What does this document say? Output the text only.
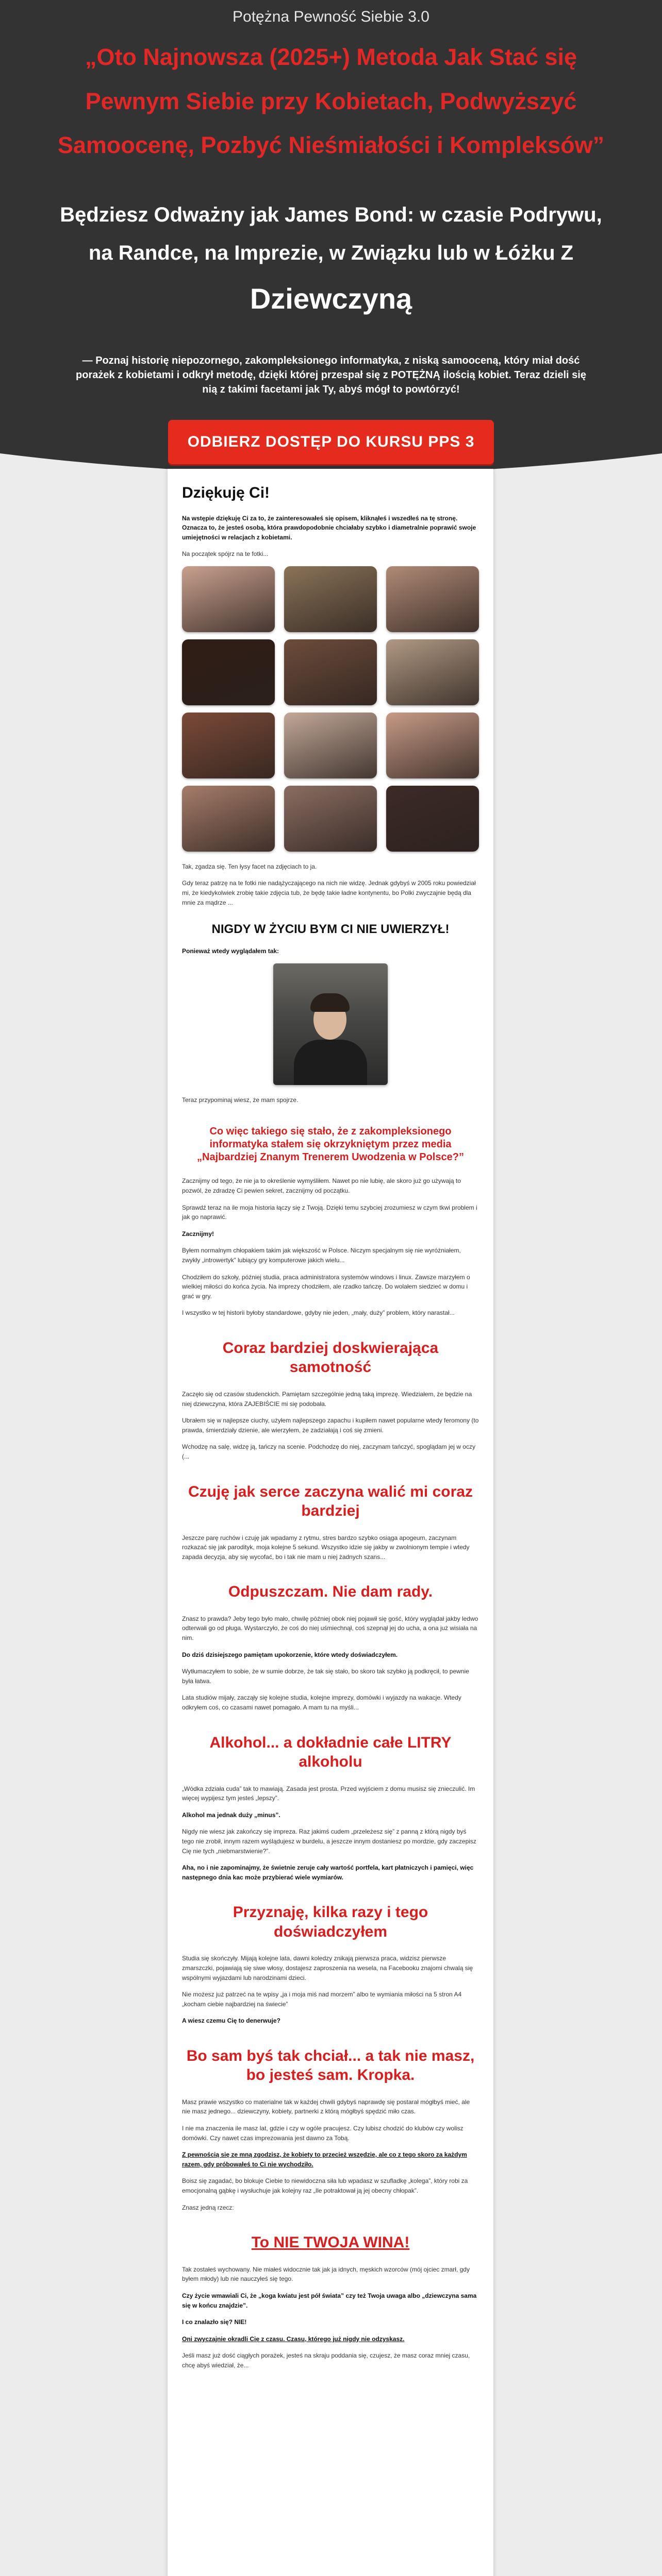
Potężna Pewność Siebie 3.0
„Oto Najnowsza (2025+) Metoda Jak Stać się Pewnym Siebie przy Kobietach, Podwyższyć Samoocenę, Pozbyć Nieśmiałości i Kompleksów”
Będziesz Odważny jak James Bond: w czasie Podrywu,
na Randce, na Imprezie, w Związku lub w Łóżku Z
Dziewczyną
— Poznaj historię niepozornego, zakompleksionego informatyka, z niską samooceną, który miał dość porażek z kobietami i odkrył metodę, dzięki której przespał się z POTĘŻNĄ ilością kobiet. Teraz dzieli się nią z takimi facetami jak Ty, abyś mógł to powtórzyć!
ODBIERZ DOSTĘP DO KURSU PPS 3
Dziękuję Ci!

Na wstępie dziękuję Ci za to, że zainteresowałeś się opisem, kliknąłeś i wszedłeś na tę stronę. Oznacza to, że jesteś osobą, która prawdopodobnie chciałaby szybko i diametralnie poprawić swoje umiejętności w relacjach z kobietami.

Na początek spójrz na te fotki...

Tak, zgadza się. Ten łysy facet na zdjęciach to ja.

Gdy teraz patrzę na te fotki nie nadążyczającego na nich nie widzę. Jednak gdybyś w 2005 roku powiedział mi, że kiedykolwiek zrobię takie zdjęcia tub, że będę takie ładne kontynentu, bo Polki zwyczajnie będą dla mnie za mądrze ...

NIGDY W ŻYCIU BYM CI NIE UWIERZYŁ!

Ponieważ wtedy wyglądałem tak:

Teraz przypominaj wiesz, że mam spojrze.

Co więc takiego się stało, że z zakompleksionego informatyka stałem się okrzykniętym przez media „Najbardziej Znanym Trenerem Uwodzenia w Polsce?”

Zacznijmy od tego, że nie ja to określenie wymyśliłem. Nawet po nie lubię, ale skoro już go używają to pozwól, że zdradzę Ci pewien sekret, zacznijmy od początku.

Sprawdź teraz na ile moja historia łączy się z Twoją. Dzięki temu szybciej zrozumiesz w czym tkwi problem i jak go naprawić.

Zacznijmy!

Byłem normalnym chłopakiem takim jak większość w Polsce. Niczym specjalnym się nie wyróżniałem, zwykły „introwertyk” lubiący gry komputerowe jakich wielu...

Chodziłem do szkoły, później studia, praca administratora systemów windows i linux. Zawsze marzyłem o wielkiej miłości do końca życia. Na imprezy chodziłem, ale rzadko tańczę. Do wolałem siedzieć w domu i grać w gry.

I wszystko w tej historii byłoby standardowe, gdyby nie jeden, „mały, duży” problem, który narastał...

Coraz bardziej doskwierająca samotność

Zaczęło się od czasów studenckich. Pamiętam szczególnie jedną taką imprezę. Wiedziałem, że będzie na niej dziewczyna, która ZAJEBIŚCIE mi się podobała.

Ubrałem się w najlepsze ciuchy, użyłem najlepszego zapachu i kupiłem nawet popularne wtedy feromony (to prawda, śmierdziały dzienie, ale wierzyłem, że zadziałają i coś się zmieni.

Wchodzę na salę, widzę ją, tańczy na scenie. Podchodzę do niej, zaczynam tańczyć, spoglądam jej w oczy (...

Czuję jak serce zaczyna walić mi coraz bardziej

Jeszcze parę ruchów i czuję jak wpadamy z rytmu, stres bardzo szybko osiąga apogeum, zaczynam rozkazać się jak parodityk, moja kolejne 5 sekund. Wszystko idzie się jakby w zwolnionym tempie i wtedy zapada decyzja, aby się wycofać, bo i tak nie mam u niej żadnych szans...

Odpuszczam. Nie dam rady.

Znasz to prawda? Jeby tego było mało, chwilę później obok niej pojawił się gość, który wyglądał jakby ledwo odterwałi go od pługa. Wystarczyło, że coś do niej uśmiechnął, coś szepnął jej do ucha, a ona już wisiała na nim.

Do dziś dzisiejszego pamiętam upokorzenie, które wtedy doświadczyłem.

Wytłumaczyłem to sobie, że w sumie dobrze, że tak się stało, bo skoro tak szybko ją podkręcił, to pewnie była łatwa.

Lata studiów mijały, zacząły się kolejne studia, kolejne imprezy, domówki i wyjazdy na wakacje. Wtedy odkryłem coś, co czasami nawet pomagało. A mam tu na myśli...

Alkohol... a dokładnie całe LITRY alkoholu

„Wódka zdziała cuda” tak to mawiają. Zasada jest prosta. Przed wyjściem z domu musisz się znieczulić. Im więcej wypijesz tym jesteś „lepszy”.

Alkohol ma jednak duży „minus”.

Nigdy nie wiesz jak zakończy się impreza. Raz jakimś cudem „przeleżesz się” z panną z którą nigdy byś tego nie zrobił, innym razem wyślądujesz w burdelu, a jeszcze innym dostaniesz po mordzie, gdy zaczepisz Cię nie tych „niebmarstwienie?”.

Aha, no i nie zapominajmy, że świetnie zeruje cały wartość portfela, kart płatniczych i pamięci, więc następnego dnia kac może przybierać wiele wymiarów.

Przyznaję, kilka razy i tego doświadczyłem

Studia się skończyły. Mijają kolejne lata, dawni koledzy znikają pierwsza praca, widzisz pierwsze zmarszczki, pojawiają się siwe włosy, dostajesz zaproszenia na wesela, na Facebooku znajomi chwalą się wspólnymi wyjazdami lub narodzinami dzieci.

Nie możesz już patrzeć na te wpisy „ja i moja miś nad morzem” albo te wymiania miłości na 5 stron A4 „kocham ciebie najbardziej na świecie”

A wiesz czemu Cię to denerwuje?

Bo sam byś tak chciał... a tak nie masz, bo jesteś sam. Kropka.

Masz prawie wszystko co materialne tak w każdej chwili gdybyś naprawdę się postarał mógłbyś mieć, ale nie masz jednego... dziewczyny, kobiety, partnerki z którą mógłbyś spędzić miło czas.

I nie ma znaczenia ile masz lat, gdzie i czy w ogóle pracujesz. Czy lubisz chodzić do klubów czy wolisz domówki. Czy nawet czas imprezowania jest dawno za Tobą.

Z pewnością się ze mną zgodzisz, że kobiety to przecież wszędzie, ale co z tego skoro za każdym razem, gdy próbowałeś to Ci nie wychodziło.

Boisz się zagadać, bo blokuje Ciebie to niewidoczna siła lub wpadasz w szufladkę „kolega”, który robi za emocjonalną gąbkę i wysłuchuje jak kolejny raz „Ile potraktował ją jej obecny chłopak”.

Znasz jedną rzecz:

To NIE TWOJA WINA!

Tak zostałeś wychowany. Nie miałeś widocznie tak jak ja idnych, męskich wzorców (mój ojciec zmarł, gdy byłem młody) lub nie nauczyłeś się tego.

Czy życie wmawiali Ci, że „koga kwiatu jest pół świata” czy też Twoja uwaga albo „dziewczyna sama się w końcu znajdzie”.

I co znalazło się? NIE!

Oni zwyczajnie okradli Cię z czasu. Czasu, którego już nigdy nie odzyskasz.

Jeśli masz już dość ciągłych porażek, jesteś na skraju poddania się, czujesz, że masz coraz mniej czasu, chcę abyś wiedział, że...
